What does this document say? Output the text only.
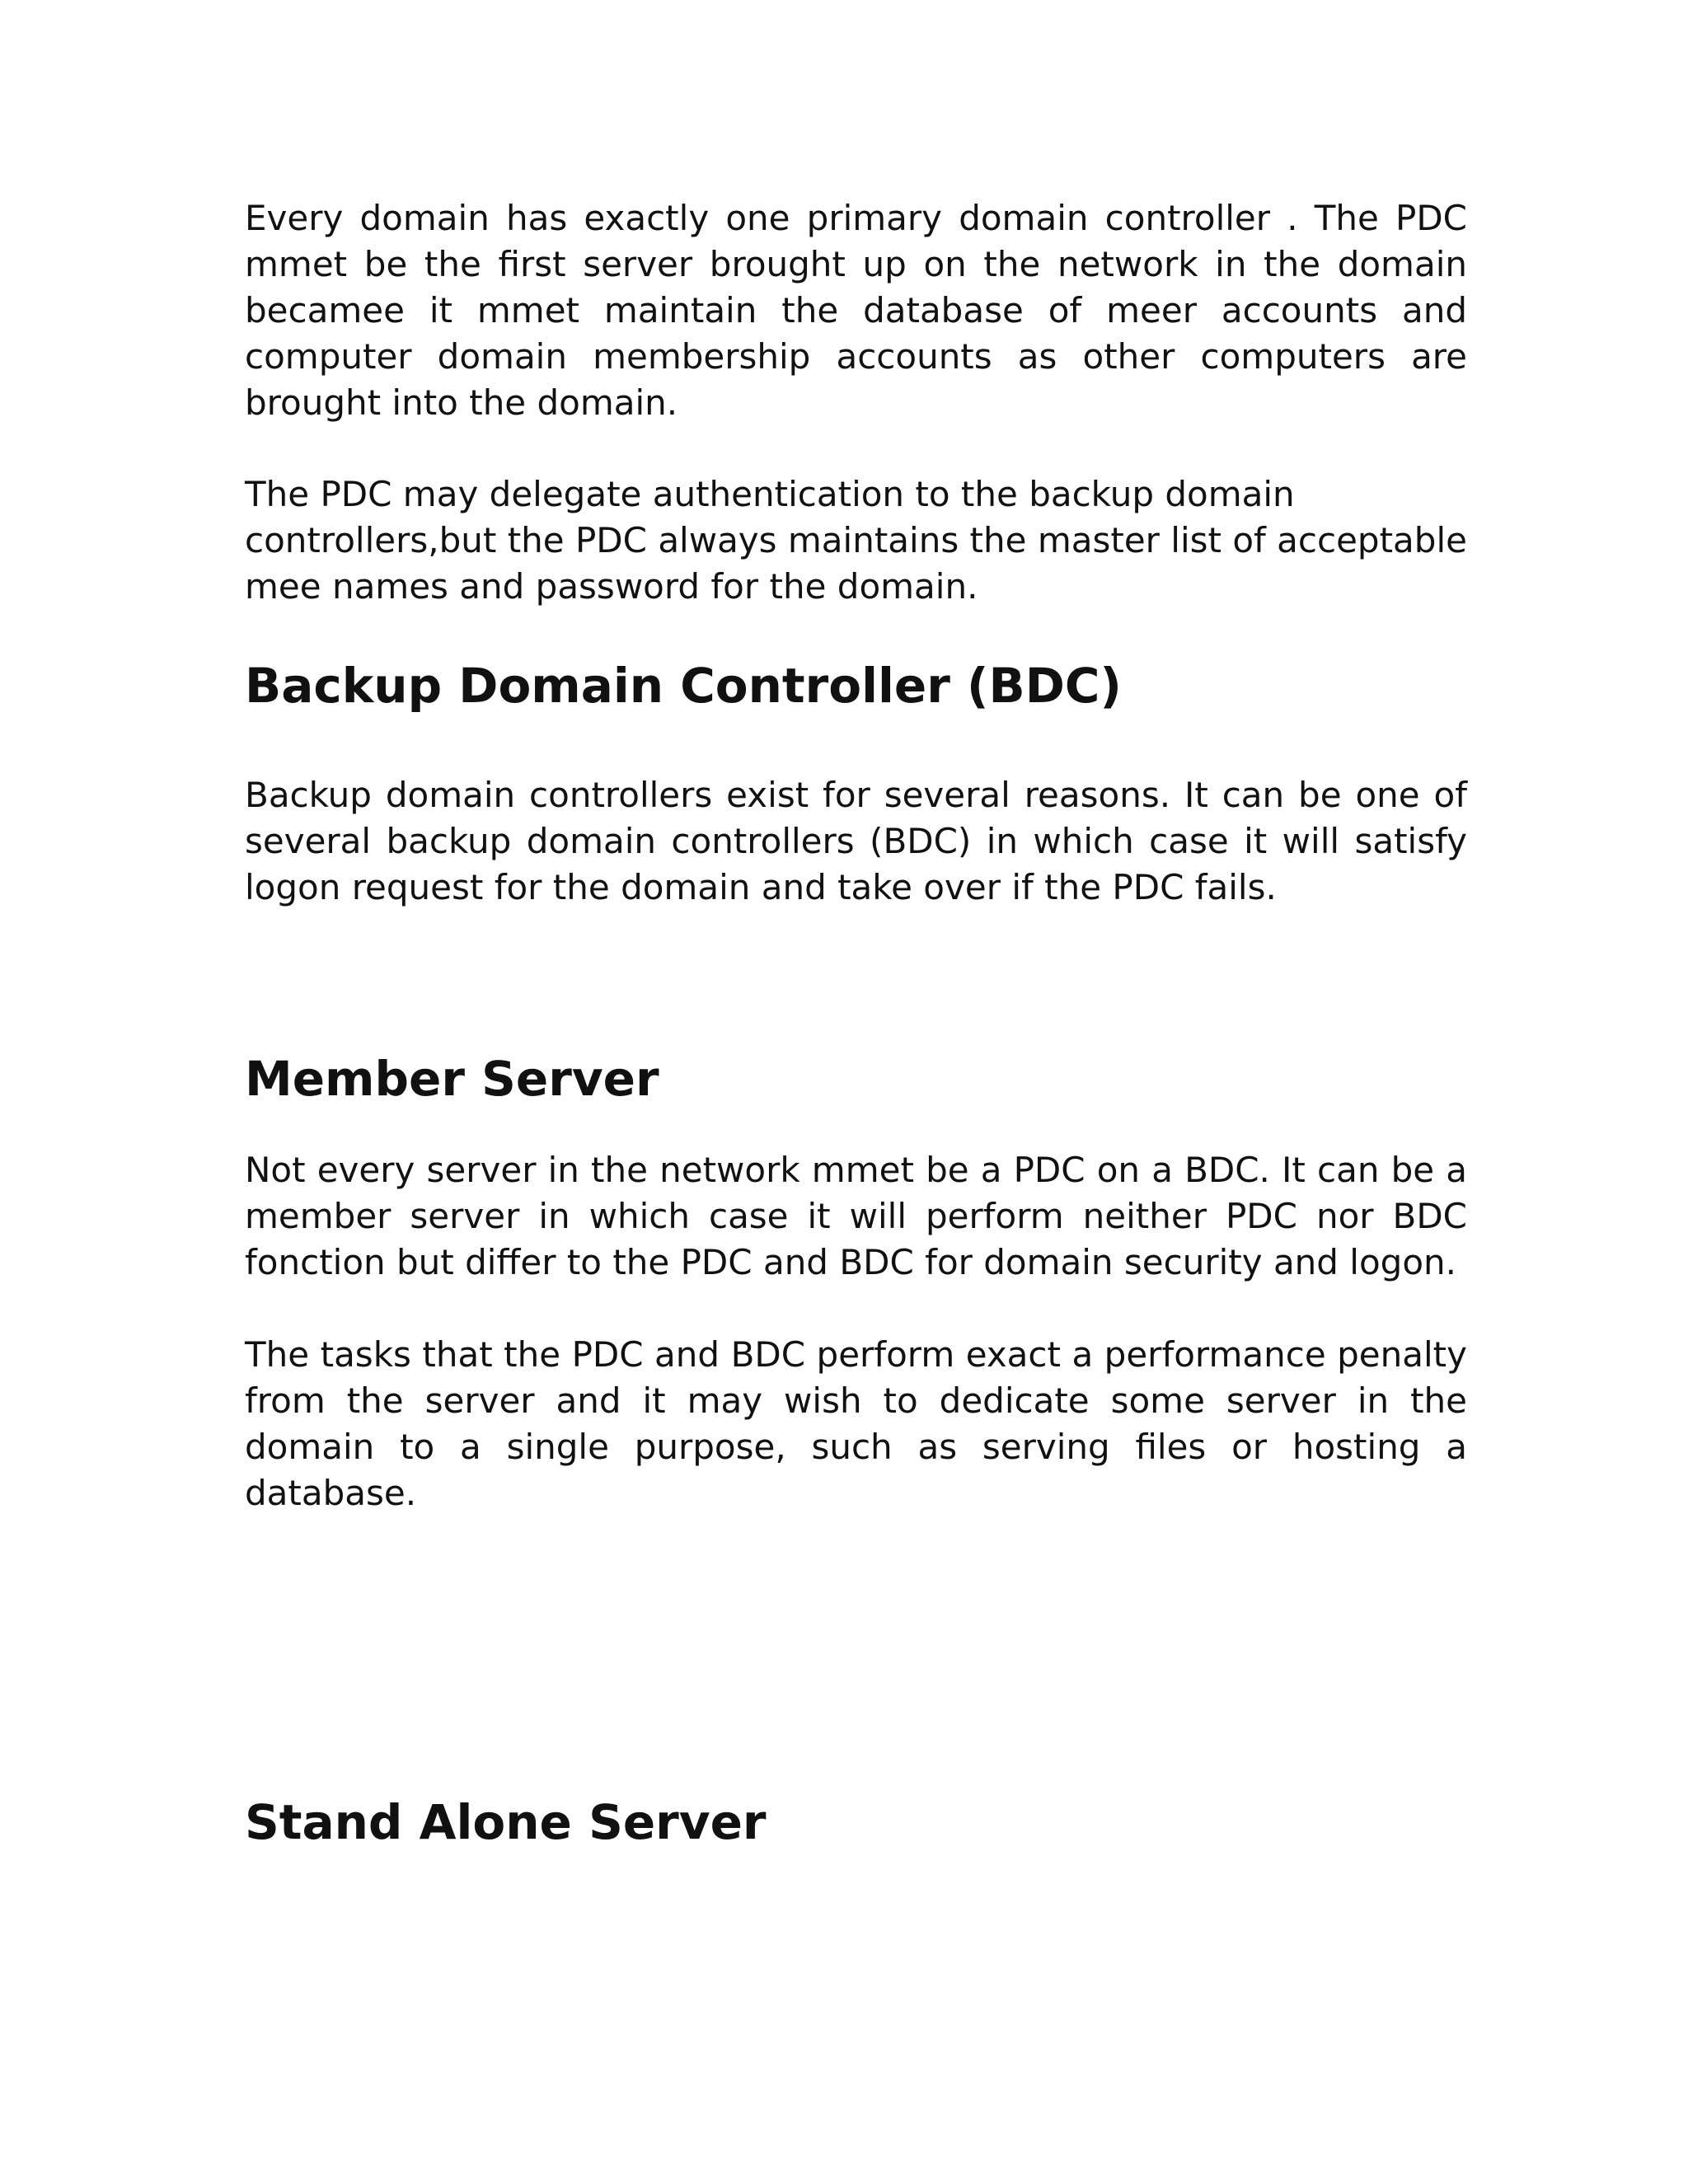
Every domain has exactly one primary domain controller . The PDC mmet be the first server brought up on the network in the domain becamee it mmet maintain the database of meer accounts and computer domain membership accounts as other computers are brought into the domain.

The PDC may delegate authentication to the backup domain
controllers,but the PDC always maintains the master list of acceptable
mee names and password for the domain.
Backup Domain Controller (BDC)

Backup domain controllers exist for several reasons. It can be one of several backup domain controllers (BDC) in which case it will satisfy logon request for the domain and take over if the PDC fails.

Member Server

Not every server in the network mmet be a PDC on a BDC. It can be a member server in which case it will perform neither PDC nor BDC fonction but differ to the PDC and BDC for domain security and logon.

The tasks that the PDC and BDC perform exact a performance penalty from the server and it may wish to dedicate some server in the domain to a single purpose, such as serving files or hosting a database.

Stand Alone Server
